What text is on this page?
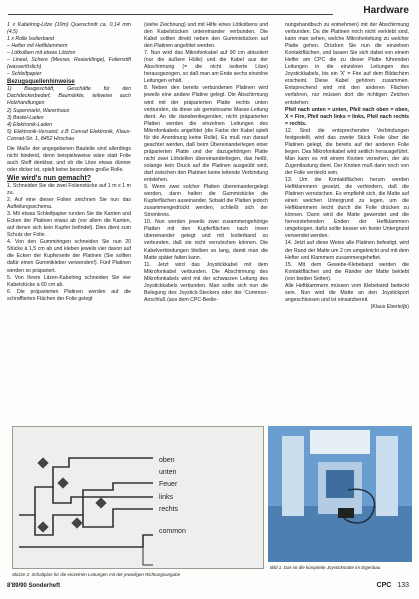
Hardware

1 x Kabelring-Litze (10m) Querschnitt ca. 0,14 mm (4,5)

1 x Rolle Isolierband

– Hefter mit Heftklammern

– Lötkolben mit etwas Lötzinn

– Lineal, Schere (Messer, Rasierklinge), Folienstift (wasserlöslich)

– Schleifpapier

Bezugsquellenhinweise

1) Baugeschäft, Geschäfte für den Dachdeckerbedarf, Baumärkte, teilweise auch Holzhandlungen

2) Supermarkt, Warenhaus

3) Bastel-Laden

4) Elektronik-Laden

5) Elektronik-Versand, z.B Conrad Elektronik, Klaus-Conrad-Str. 1, 8452 Hirschau

Die Maße der angegebenen Bauteile sind allerdings nicht bindend, denn beispielsweise wäre statt Folie auch Stoff denkbar, und ob die Litze etwas dünner oder dicker ist, spielt keine besondere große Rolle.

Wie wird's nun gemacht?

1. Schneiden Sie die zwei Folienstücke auf 1 m x 1 m zu.

2. Auf eine dieser Folien zeichnen Sie nun das Aufteilungsschema.

3. Mit etwas Schleifpapier runden Sie die Kanten und Ecken der Platinen etwas ab (vor allem die Kanten, auf denen sich kein Kupfer befindet). Dies dient zum Schutz der Folie.

4. Von den Gummiringen schneiden Sie nun 20 Stücke à 1,5 cm ab und kleben jeweils vier davon auf die Ecken der Kupferseite der Platinen (Sie sollten dafür einen Gummikleber verwenden!). Fünf Platinen werden so präpariert.

5. Von Ihrem Litzen-Kabelring schneiden Sie vier Kabelstücke à 60 cm ab.

6. Die präparierten Platinen werden auf die schraffierten Flächen der Folie gelegt

(siehe Zeichnung) und mit Hilfe eines Lötkolbens und den Kabelstücken untereinander verbunden. Die Kabel sollten direkt neben den Gummistücken auf den Platinen angelötet werden.

7. Nun wird das Mikrofonkabel auf 90 cm abisoliert (nur die äußere Hülle) und die Kabel aus der Abschirmung (= die nicht isolierte Litze) herausgezogen, so daß man am Ende sechs einzelne Leitungen erhält.

8. Neben den bereits verbundenen Platinen wird jeweils eine andere Platine gelegt. Die Abschirmung wird mit der präparierten Platte rechts unten verbunden, da diese als gemeinsame Masse-Leitung dient. An die danebenliegenden, nicht präparierten Platten werden die einzelnen Leitungen des Mikrofonkabels angelötet (die Farbe der Kabel spielt für die Anordnung keine Rolle). Es muß nun darauf geachtet werden, daß beim Übereinanderlegen einer präparierten Platte und der dazugehörigen Platte nicht zwei Lötstellen übereinanderliegen, das heißt, solange kein Druck auf die Platinen ausgeübt wird, darf zwischen den Platinen keine leitende Verbindung entstehen.

9. Wenn zwei solcher Platten übereinandergelegt werden, dann halten die Gummistücke die Kupferflächen auseinander. Sobald die Platten jedoch zusammengedrückt werden, schließt sich der Stromkreis.

10. Nun werden jeweils zwei zusammengehörige Platten mit den Kupferflächen nach innen übereinander gelegt und mit Isolierband so verbunden, daß sie nicht verrutschen können. Die Kabelverbindungen bleiben so lang, damit man die Matte später falten kann.

11. Jetzt wird das Joystickkabel mit dem Mikrofonkabel verbunden. Die Abschirmung des Mikrofonkabels wird mit der schwarzen Leitung des Joystickkabels verbunden. Man sollte sich nun die Belegung des Joystick-Steckers oder der 'Common-Anschluß (aus dem CPC-Bedie-

nungshandbuch zu entnehmen) mit der Abschirmung verbunden. Da die Platinen noch nicht verklebt sind, kann man sehen, welche Mikrofonleitung zu welcher Platte gehen. Drücken Sie nun die einzelnen Kontaktflächen, und lassen Sie sich dabei von einem Helfer am CPC die zu dieser Platte führenden Leitungen in die einzelnen Leitungen des Joystickkabels, bis ein 'X' = Fire auf dem Bildschirm erscheint. Diese Kabel gehören zusammen. Entsprechend wird mit den anderen Flächen verfahren, nur müssen dort die richtigen Zeichen entstehen:

Pfeil nach unten = unten, Pfeil nach oben = oben, X = Fire, Pfeil nach links = links, Pfeil nach rechts = rechts.

12. Sind die entsprechenden Verbindungen festgestellt, wird das zweite Stück Folie über die Platinen gelegt, die bereits auf der anderen Folie liegen. Das Mikrofonkabel wird seitlich herausgeführt. Man kann es mit einem Knoten versehen, der als Zugentlastung dient. Der Knoten muß dann noch von der Folie verdeckt sein.

13. Um die Kontaktflächen herum werden Heftklammern gesetzt, die verhindern, daß die Platinen verrutschen. Es empfiehlt sich, die Matte auf einen weichen Untergrund zu legen, um die Heftklammern leicht durch die Folie drücken zu können. Dann wird die Matte gewendet und die hervorstehenden Enden der Heftklammern umgebogen, dafür sollte besser ein fester Untergrund verwendet werden.

14. Jetzt auf diese Weise alle Platinen befestigt, wird der Rand der Matte um 2 cm umgeknickt und mit dem Hefter und Klammern zusammengeheftet.

15. Mit dem Gewebe-Klebeband werden die Kontaktflächen und die Ränder der Matte beklebt (von beiden Seiten).

Alle Heftklammern müssen vom Klebeband bedeckt sein. Nun wird die Matte an den Joystickport angeschlossen und ist einsatzbereit.

(Klaus Eberle/jb)

oben
unten
Feuer
links
rechts
common
Skizze 2: Schaltplan für die einzelnen Leitungen mit der jeweiligen Richtungsangabe
Bild 1. Das ist die komplette Joystickmatte im Eigenbau
8'89/90 Sonderheft	CPC 133
